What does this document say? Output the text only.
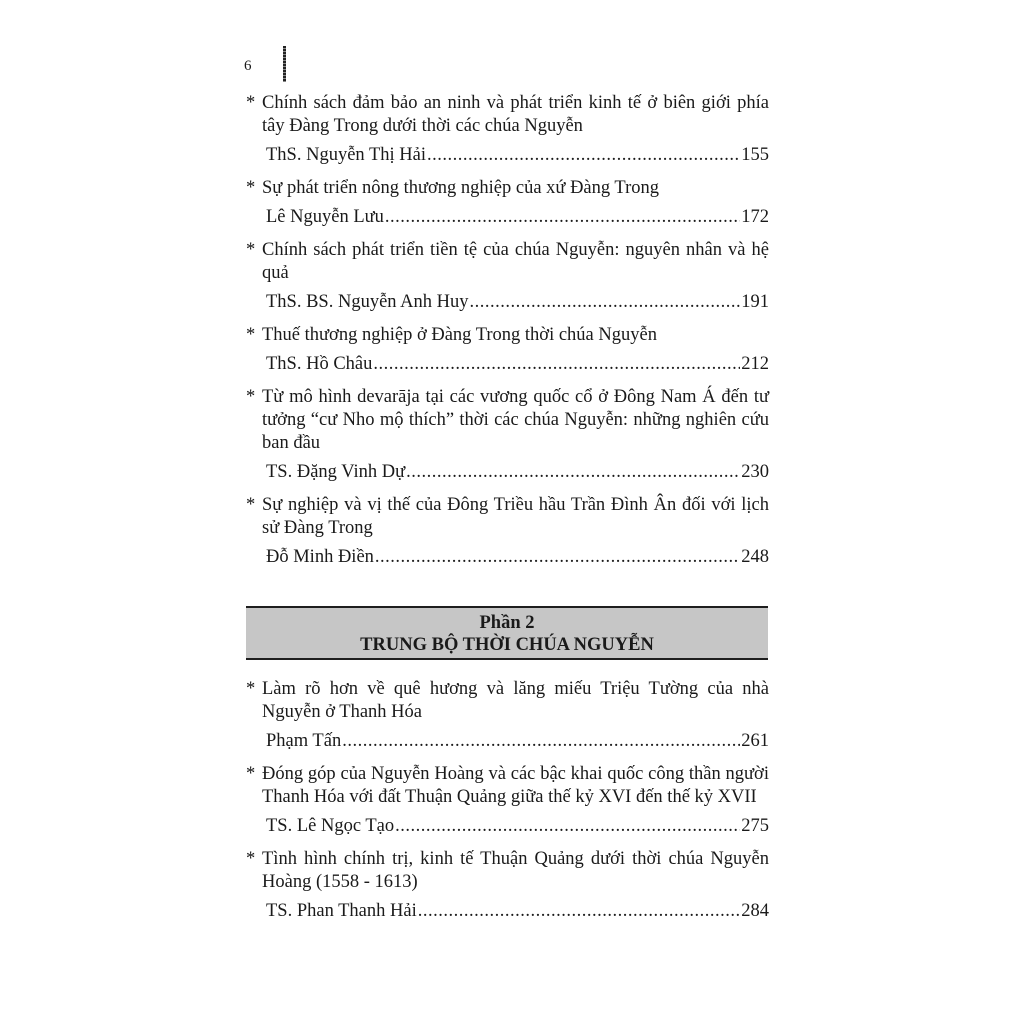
6
* Chính sách đảm bảo an ninh và phát triển kinh tế ở biên giới phía tây Đàng Trong dưới thời các chúa Nguyễn
ThS. Nguyễn Thị Hải .....	155
* Sự phát triển nông thương nghiệp của xứ Đàng Trong
Lê Nguyễn Lưu .....	172
* Chính sách phát triển tiền tệ của chúa Nguyễn: nguyên nhân và hệ quả
ThS. BS. Nguyễn Anh Huy .....	191
* Thuế thương nghiệp ở Đàng Trong thời chúa Nguyễn
ThS. Hồ Châu .....	212
* Từ mô hình devarāja tại các vương quốc cổ ở Đông Nam Á đến tư tưởng “cư Nho mộ thích” thời các chúa Nguyễn: những nghiên cứu ban đầu
TS. Đặng Vinh Dự .....	230
* Sự nghiệp và vị thế của Đông Triều hầu Trần Đình Ân đối với lịch sử Đàng Trong
Đỗ Minh Điền .....	248
Phần 2
TRUNG BỘ THỜI CHÚA NGUYỄN
* Làm rõ hơn về quê hương và lăng miếu Triệu Tường của nhà Nguyễn ở Thanh Hóa
Phạm Tấn .....	261
* Đóng góp của Nguyễn Hoàng và các bậc khai quốc công thần người Thanh Hóa với đất Thuận Quảng giữa thế kỷ XVI đến thế kỷ XVII
TS. Lê Ngọc Tạo .....	275
* Tình hình chính trị, kinh tế Thuận Quảng dưới thời chúa Nguyễn Hoàng (1558 - 1613)
TS. Phan Thanh Hải .....	284
